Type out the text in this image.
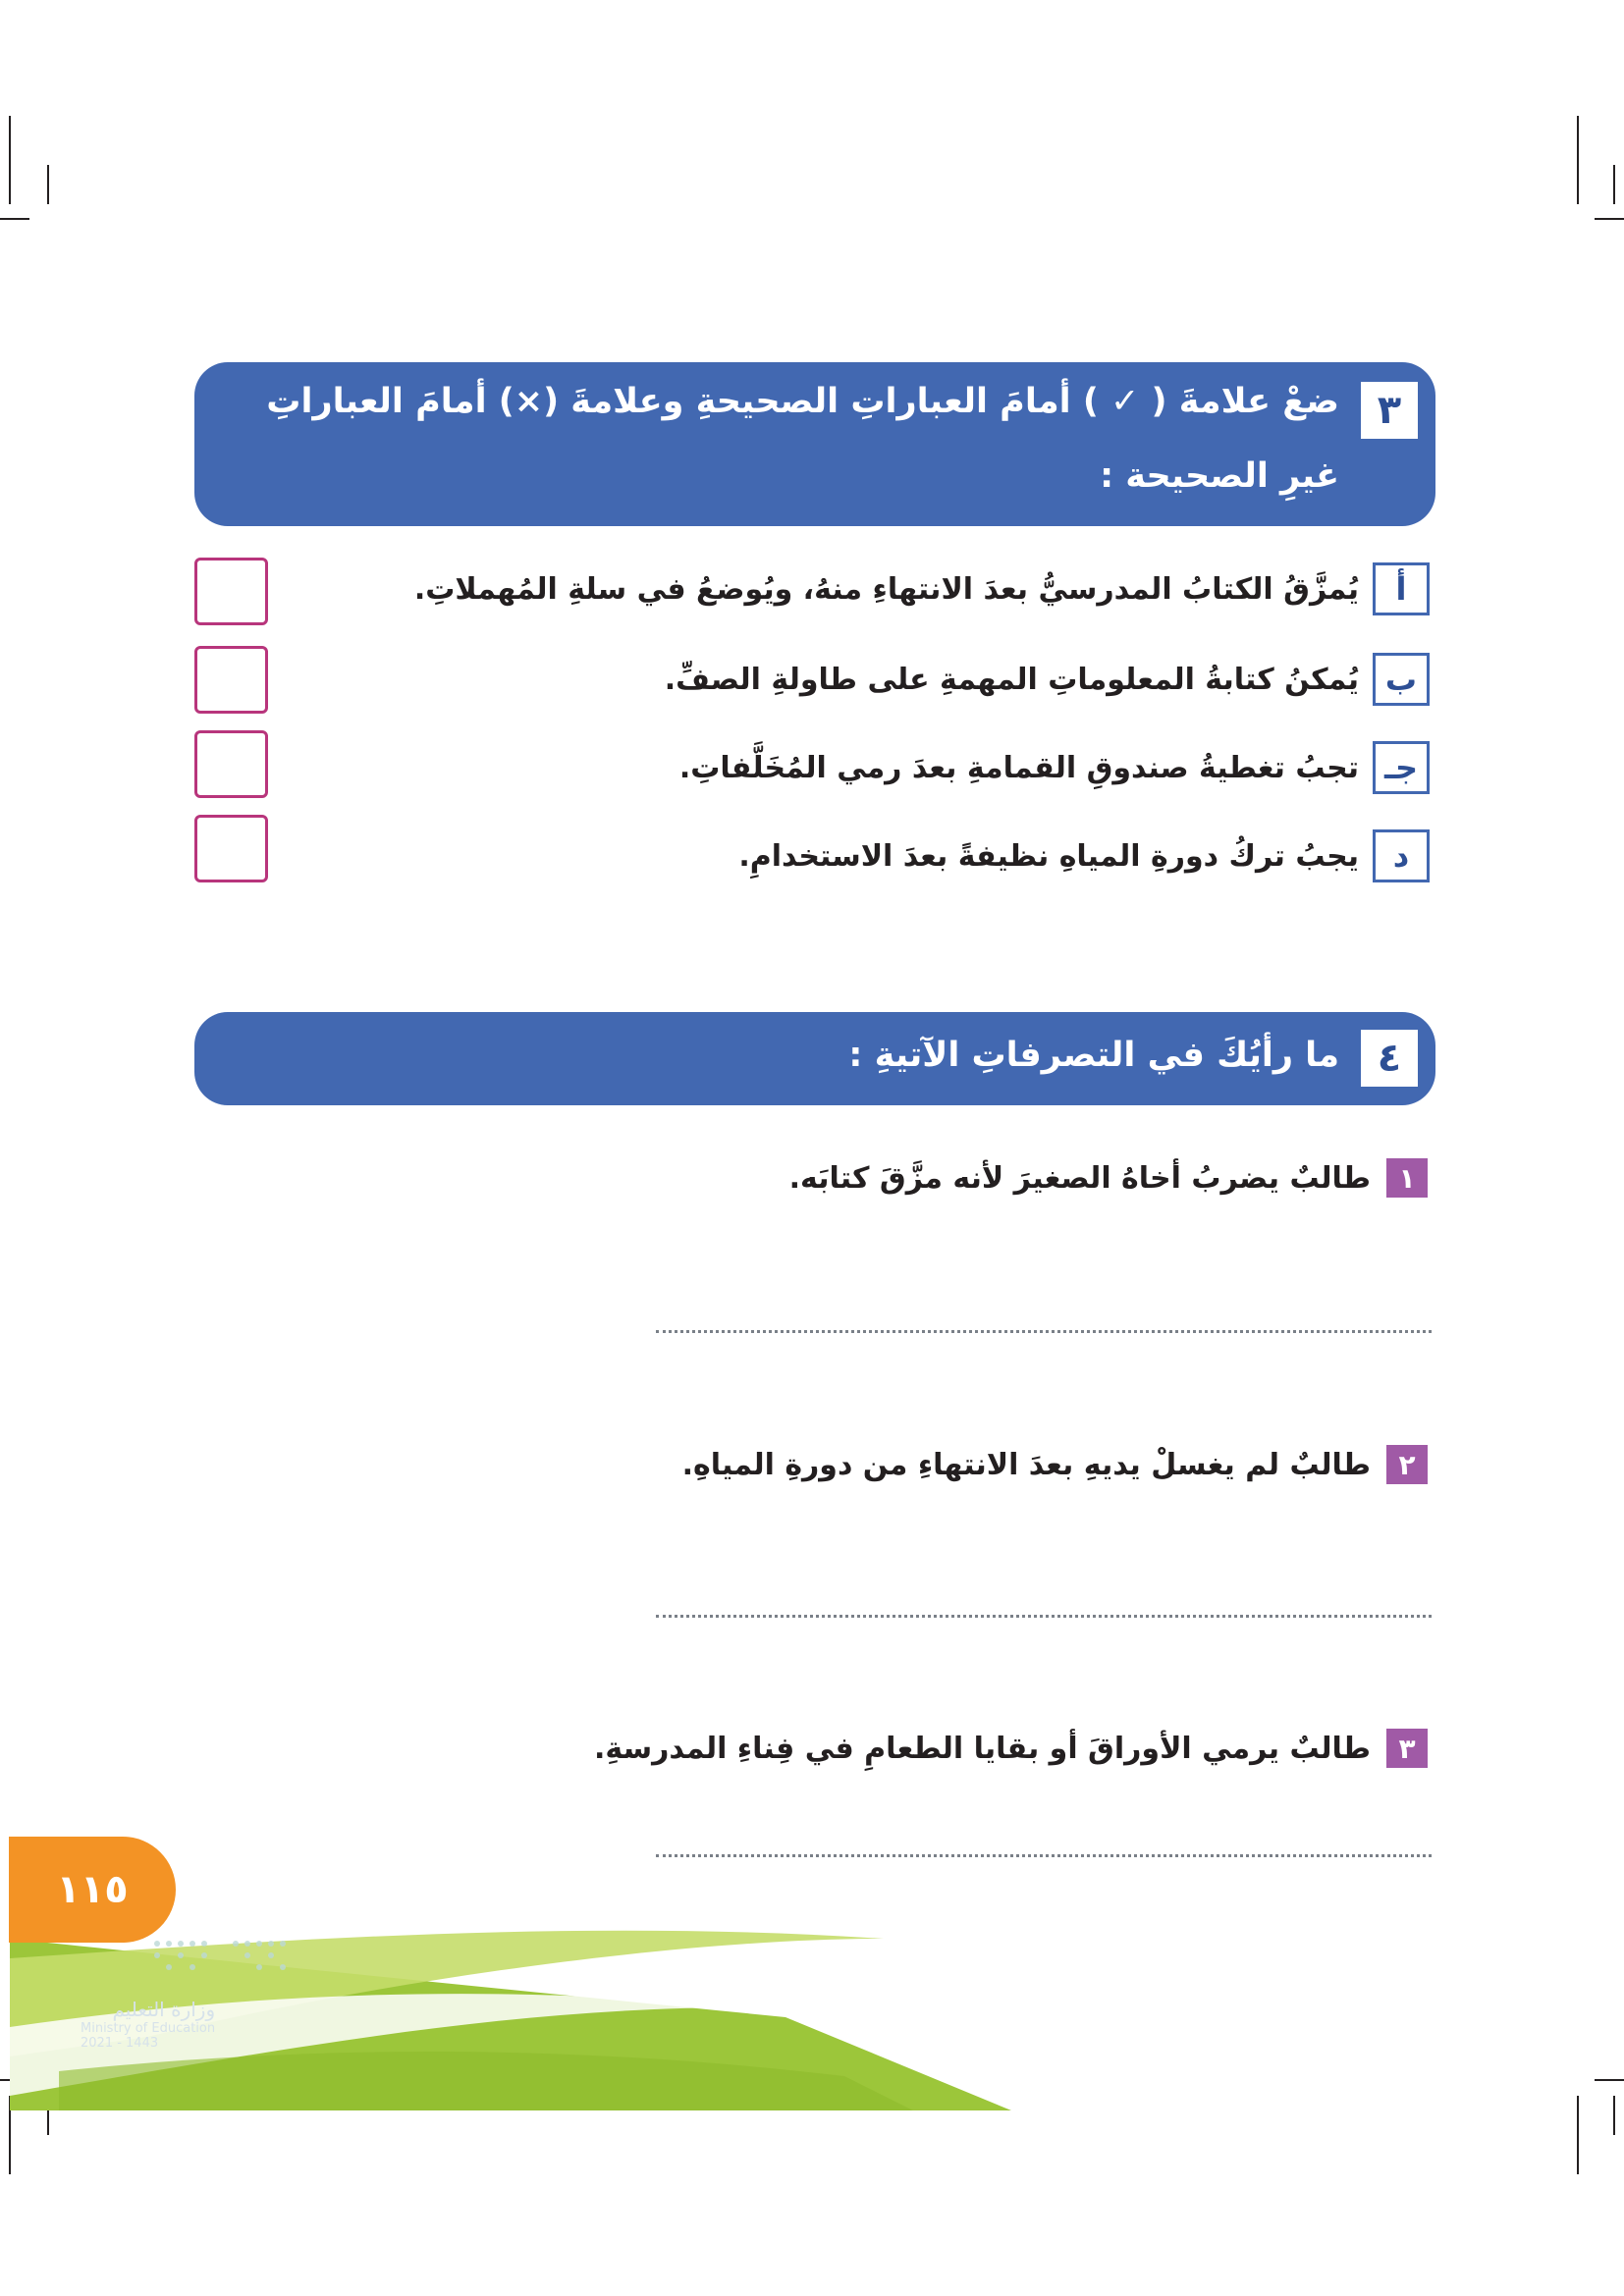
٣
ضعْ علامةَ ( ✓ ) أمامَ العباراتِ الصحيحةِ وعلامةَ (×) أمامَ العباراتِ
غيرِ الصحيحة :
أ
يُمزَّقُ الكتابُ المدرسيُّ بعدَ الانتهاءِ منهُ، ويُوضعُ في سلةِ المُهملاتِ.
ب
يُمكنُ كتابةُ المعلوماتِ المهمةِ على طاولةِ الصفِّ.
جـ
تجبُ تغطيةُ صندوقِ القمامةِ بعدَ رمي المُخَلَّفاتِ.
د
يجبُ تركُ دورةِ المياهِ نظيفةً بعدَ الاستخدامِ.
٤
ما رأيُكَ في التصرفاتِ الآتيةِ :
١
طالبٌ يضربُ أخاهُ الصغيرَ لأنه مزَّقَ كتابَه.
٢
طالبٌ لم يغسلْ يديهِ بعدَ الانتهاءِ من دورةِ المياهِ.
٣
طالبٌ يرمي الأوراقَ أو بقايا الطعامِ في فِناءِ المدرسةِ.
وزارة التعليم
Ministry of Education
2021 - 1443
١١٥
